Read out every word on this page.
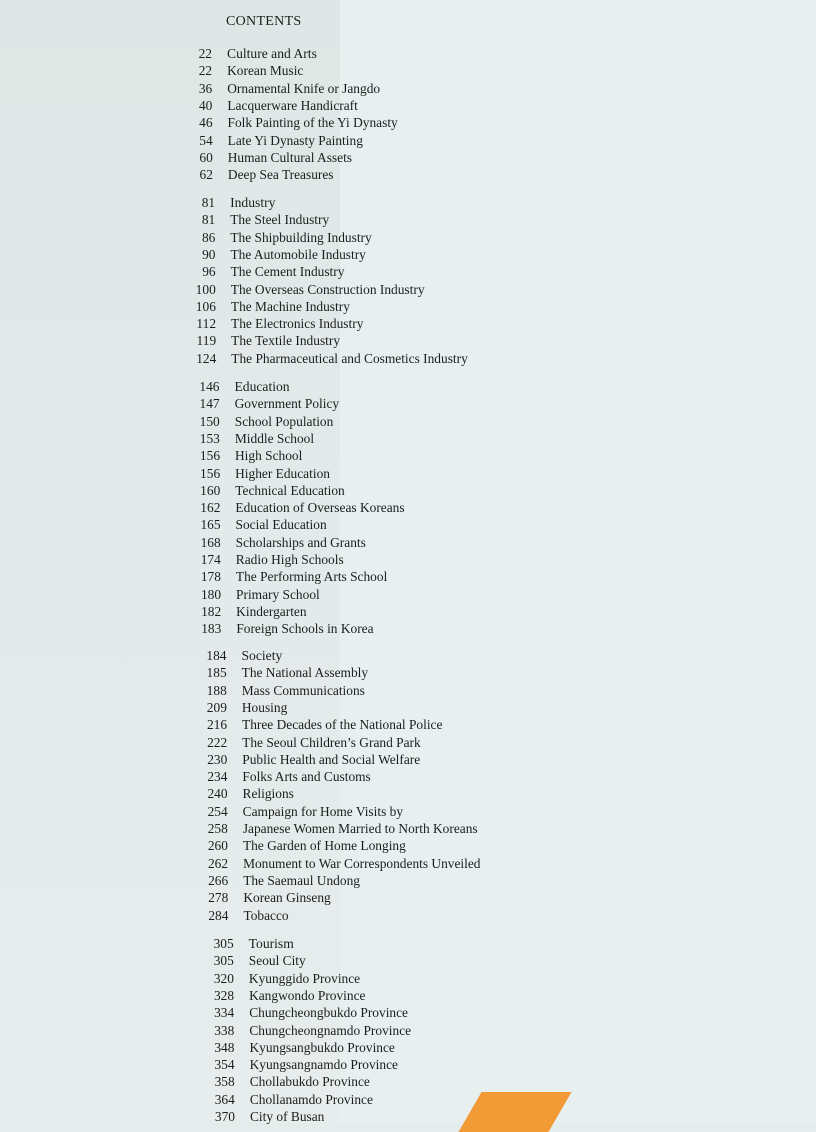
CONTENTS
22 Culture and Arts
22 Korean Music
36 Ornamental Knife or Jangdo
40 Lacquerware Handicraft
46 Folk Painting of the Yi Dynasty
54 Late Yi Dynasty Painting
60 Human Cultural Assets
62 Deep Sea Treasures
81 Industry
81 The Steel Industry
86 The Shipbuilding Industry
90 The Automobile Industry
96 The Cement Industry
100 The Overseas Construction Industry
106 The Machine Industry
112 The Electronics Industry
119 The Textile Industry
124 The Pharmaceutical and Cosmetics Industry
146 Education
147 Government Policy
150 School Population
153 Middle School
156 High School
156 Higher Education
160 Technical Education
162 Education of Overseas Koreans
165 Social Education
168 Scholarships and Grants
174 Radio High Schools
178 The Performing Arts School
180 Primary School
182 Kindergarten
183 Foreign Schools in Korea
184 Society
185 The National Assembly
188 Mass Communications
209 Housing
216 Three Decades of the National Police
222 The Seoul Children’s Grand Park
230 Public Health and Social Welfare
234 Folks Arts and Customs
240 Religions
254 Campaign for Home Visits by
258 Japanese Women Married to North Koreans
260 The Garden of Home Longing
262 Monument to War Correspondents Unveiled
266 The Saemaul Undong
278 Korean Ginseng
284 Tobacco
305 Tourism
305 Seoul City
320 Kyunggido Province
328 Kangwondo Province
334 Chungcheongbukdo Province
338 Chungcheongnamdo Province
348 Kyungsangbukdo Province
354 Kyungsangnamdo Province
358 Chollabukdo Province
364 Chollanamdo Province
370 City of Busan
